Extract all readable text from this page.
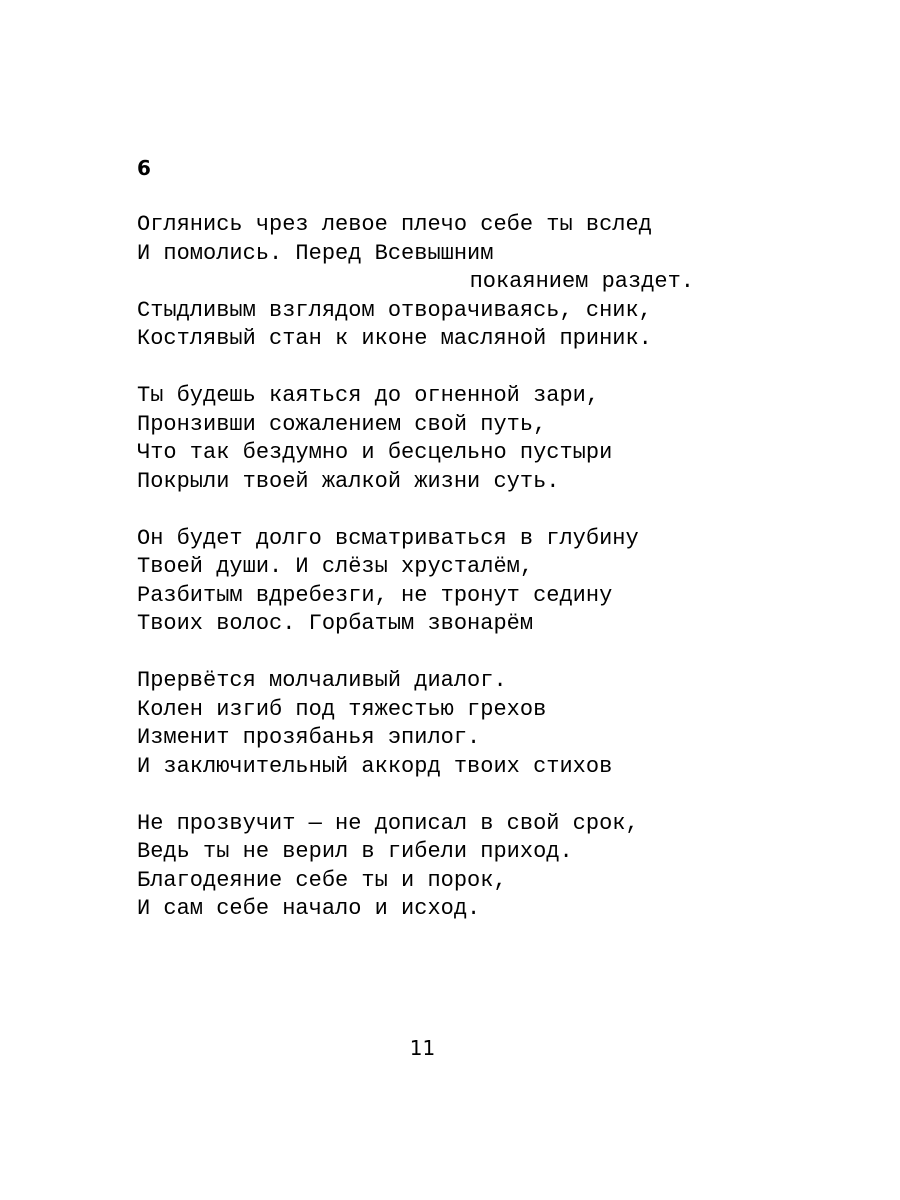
6
Оглянись чрез левое плечо себе ты вслед
И помолись. Перед Всевышним
покаянием раздет.
Стыдливым взглядом отворачиваясь, сник,
Костлявый стан к иконе масляной приник.
Ты будешь каяться до огненной зари,
Пронзивши сожалением свой путь,
Что так бездумно и бесцельно пустыри
Покрыли твоей жалкой жизни суть.
Он будет долго всматриваться в глубину
Твоей души. И слёзы хрусталём,
Разбитым вдребезги, не тронут седину
Твоих волос. Горбатым звонарём
Прервётся молчаливый диалог.
Колен изгиб под тяжестью грехов
Изменит прозябанья эпилог.
И заключительный аккорд твоих стихов
Не прозвучит — не дописал в свой срок,
Ведь ты не верил в гибели приход.
Благодеяние себе ты и порок,
И сам себе начало и исход.
11
